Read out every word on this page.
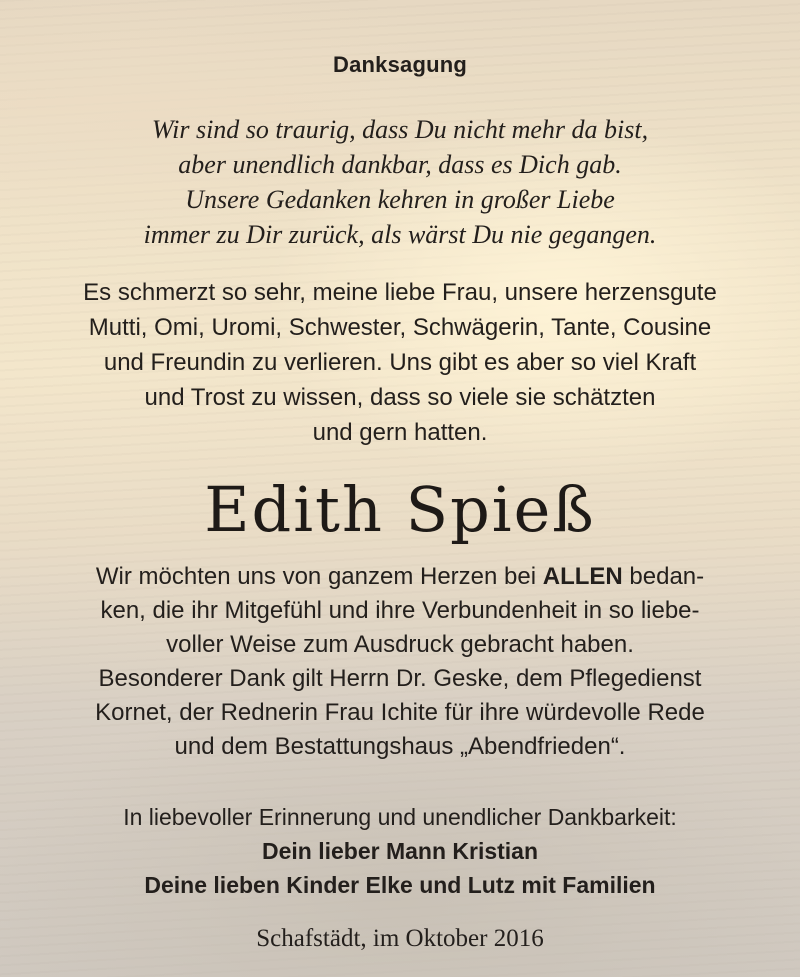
Danksagung
Wir sind so traurig, dass Du nicht mehr da bist,
aber unendlich dankbar, dass es Dich gab.
Unsere Gedanken kehren in großer Liebe
immer zu Dir zurück, als wärst Du nie gegangen.
Es schmerzt so sehr, meine liebe Frau, unsere herzensgute
Mutti, Omi, Uromi, Schwester, Schwägerin, Tante, Cousine
und Freundin zu verlieren. Uns gibt es aber so viel Kraft
und Trost zu wissen, dass so viele sie schätzten
und gern hatten.
Edith Spieß
Wir möchten uns von ganzem Herzen bei ALLEN bedan-
ken, die ihr Mitgefühl und ihre Verbundenheit in so liebe-
voller Weise zum Ausdruck gebracht haben.
Besonderer Dank gilt Herrn Dr. Geske, dem Pflegedienst
Kornet, der Rednerin Frau Ichite für ihre würdevolle Rede
und dem Bestattungshaus „Abendfrieden“.
In liebevoller Erinnerung und unendlicher Dankbarkeit:
Dein lieber Mann Kristian
Deine lieben Kinder Elke und Lutz mit Familien
Schafstädt, im Oktober 2016
